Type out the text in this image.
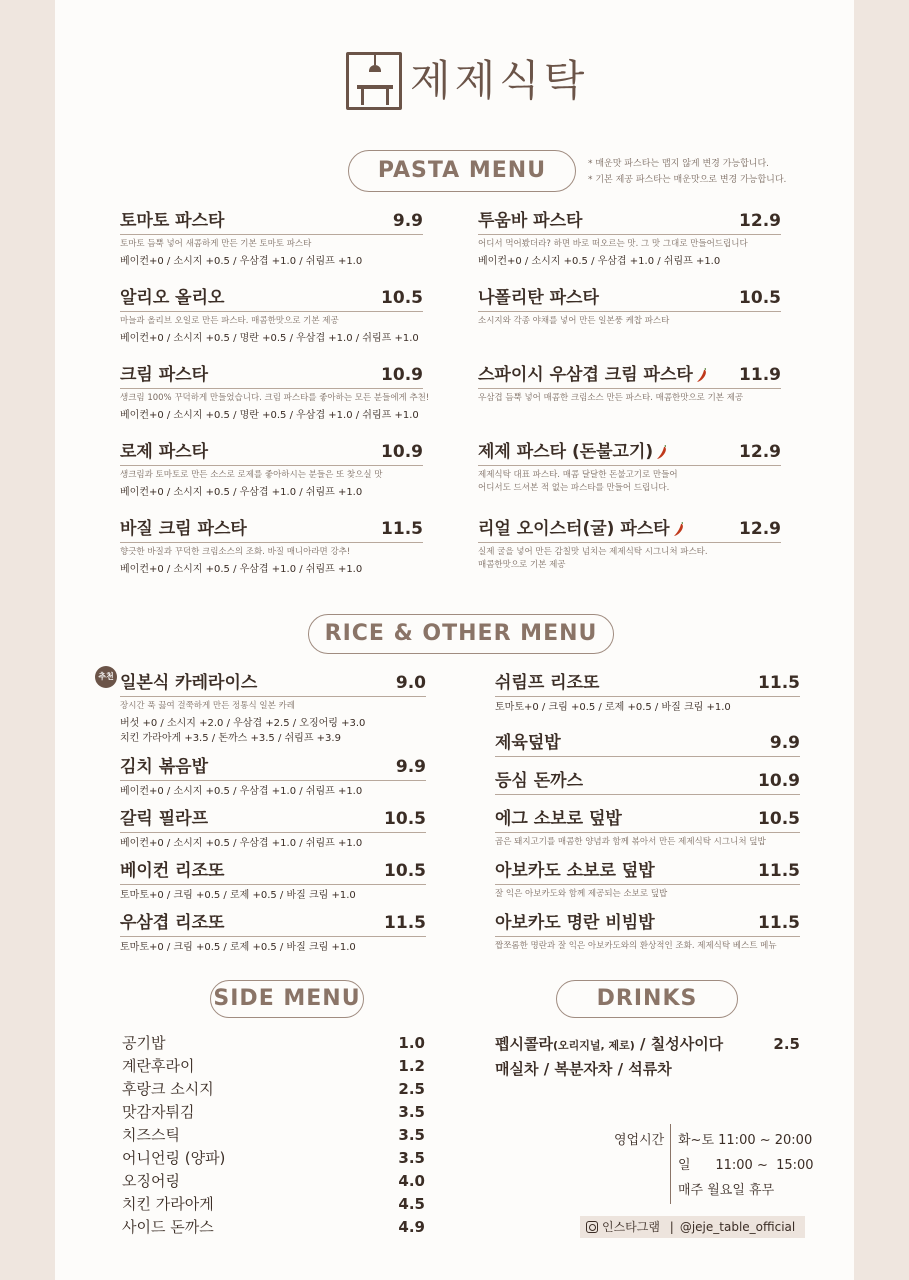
제제식탁
PASTA MENU	* 매운맛 파스타는 맵지 않게 변경 가능합니다.
* 기본 제공 파스타는 매운맛으로 변경 가능합니다.
토마토 파스타	9.9
토마토 듬뿍 넣어 새콤하게 만든 기본 토마토 파스타
베이컨+0 / 소시지 +0.5 / 우삼겹 +1.0 / 쉬림프 +1.0
알리오 올리오	10.5
마늘과 올리브 오일로 만든 파스타. 매콤한맛으로 기본 제공
베이컨+0 / 소시지 +0.5 / 명란 +0.5 / 우삼겹 +1.0 / 쉬림프 +1.0
크림 파스타	10.9
생크림 100% 꾸덕하게 만들었습니다. 크림 파스타를 좋아하는 모든 분들에게 추천!
베이컨+0 / 소시지 +0.5 / 명란 +0.5 / 우삼겹 +1.0 / 쉬림프 +1.0
로제 파스타	10.9
생크림과 토마토로 만든 소스로 로제를 좋아하시는 분들은 또 찾으실 맛
베이컨+0 / 소시지 +0.5 / 우삼겹 +1.0 / 쉬림프 +1.0
바질 크림 파스타	11.5
향긋한 바질과 꾸덕한 크림소스의 조화. 바질 매니아라면 강추!
베이컨+0 / 소시지 +0.5 / 우삼겹 +1.0 / 쉬림프 +1.0
투움바 파스타	12.9
어디서 먹어봤더라? 하면 바로 떠오르는 맛. 그 맛 그대로 만들어드립니다
베이컨+0 / 소시지 +0.5 / 우삼겹 +1.0 / 쉬림프 +1.0
나폴리탄 파스타	10.5
소시지와 각종 야채를 넣어 만든 일본풍 케찹 파스타
스파이시 우삼겹 크림 파스타	11.9
우삼겹 듬뿍 넣어 매콤한 크림소스 만든 파스타. 매콤한맛으로 기본 제공
제제 파스타 (돈불고기)	12.9
제제식탁 대표 파스타. 매콤 달달한 돈불고기로 만들어
어디서도 드셔본 적 없는 파스타를 만들어 드립니다.
리얼 오이스터(굴) 파스타	12.9
실제 굴을 넣어 만든 감칠맛 넘치는 제제식탁 시그니처 파스타.
매콤한맛으로 기본 제공
일본식 카레라이스	9.0
장시간 푹 끓여 걸쭉하게 만든 정통식 일본 카레
버섯 +0 / 소시지 +2.0 / 우삼겹 +2.5 / 오징어링 +3.0
치킨 가라아게 +3.5 / 돈까스 +3.5 / 쉬림프 +3.9
김치 볶음밥	9.9
베이컨+0 / 소시지 +0.5 / 우삼겹 +1.0 / 쉬림프 +1.0
갈릭 필라프	10.5
베이컨+0 / 소시지 +0.5 / 우삼겹 +1.0 / 쉬림프 +1.0
베이컨 리조또	10.5
토마토+0 / 크림 +0.5 / 로제 +0.5 / 바질 크림 +1.0
우삼겹 리조또	11.5
토마토+0 / 크림 +0.5 / 로제 +0.5 / 바질 크림 +1.0
쉬림프 리조또	11.5
토마토+0 / 크림 +0.5 / 로제 +0.5 / 바질 크림 +1.0
제육덮밥	9.9
등심 돈까스	10.9
에그 소보로 덮밥	10.5
곱은 돼지고기를 매콤한 양념과 함께 볶아서 만든 제제식탁 시그니처 덮밥
아보카도 소보로 덮밥	11.5
잘 익은 아보카도와 함께 제공되는 소보로 덮밥
아보카도 명란 비빔밥	11.5
짭쪼롬한 명란과 잘 익은 아보카도와의 환상적인 조화. 제제식탁 베스트 메뉴
RICE & OTHER MENU
추천
SIDE MENU	DRINKS
공기밥	1.0
계란후라이	1.2
후랑크 소시지	2.5
맛감자튀김	3.5
치즈스틱	3.5
어니언링 (양파)	3.5
오징어링	4.0
치킨 가라아게	4.5
사이드 돈까스	4.9
펩시콜라(오리지널, 제로) / 칠성사이다	2.5
매실차 / 복분자차 / 석류차
영업시간 화~토 11:00 ~ 20:00
일      11:00 ~  15:00
매주 월요일 휴무
인스타그램 | @jeje_table_official
